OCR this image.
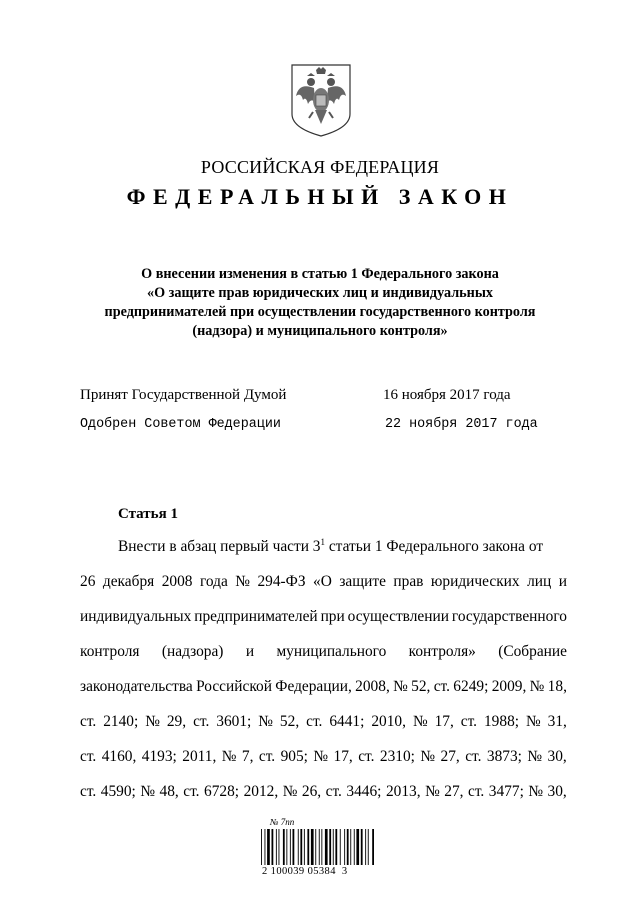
РОССИЙСКАЯ ФЕДЕРАЦИЯ
ФЕДЕРАЛЬНЫЙ ЗАКОН
О внесении изменения в статью 1 Федерального закона
«О защите прав юридических лиц и индивидуальных
предпринимателей при осуществлении государственного контроля
(надзора) и муниципального контроля»
Принят Государственной Думой	16 ноября 2017 года
Одобрен Советом Федерации	22 ноября 2017 года
Статья 1
Внести в абзац первый части $3^1$ статьи 1 Федерального закона от
26 декабря 2008 года № 294-ФЗ «О защите прав юридических лиц и
индивидуальных предпринимателей при осуществлении государственного
контроля (надзора) и муниципального контроля» (Собрание
законодательства Российской Федерации, 2008, № 52, ст. 6249; 2009, № 18,
ст. 2140; № 29, ст. 3601; № 52, ст. 6441; 2010, № 17, ст. 1988; № 31,
ст. 4160, 4193; 2011, № 7, ст. 905; № 17, ст. 2310; № 27, ст. 3873; № 30,
ст. 4590; № 48, ст. 6728; 2012, № 26, ст. 3446; 2013, № 27, ст. 3477; № 30,
№ 7пп
2 100039 05384  3
